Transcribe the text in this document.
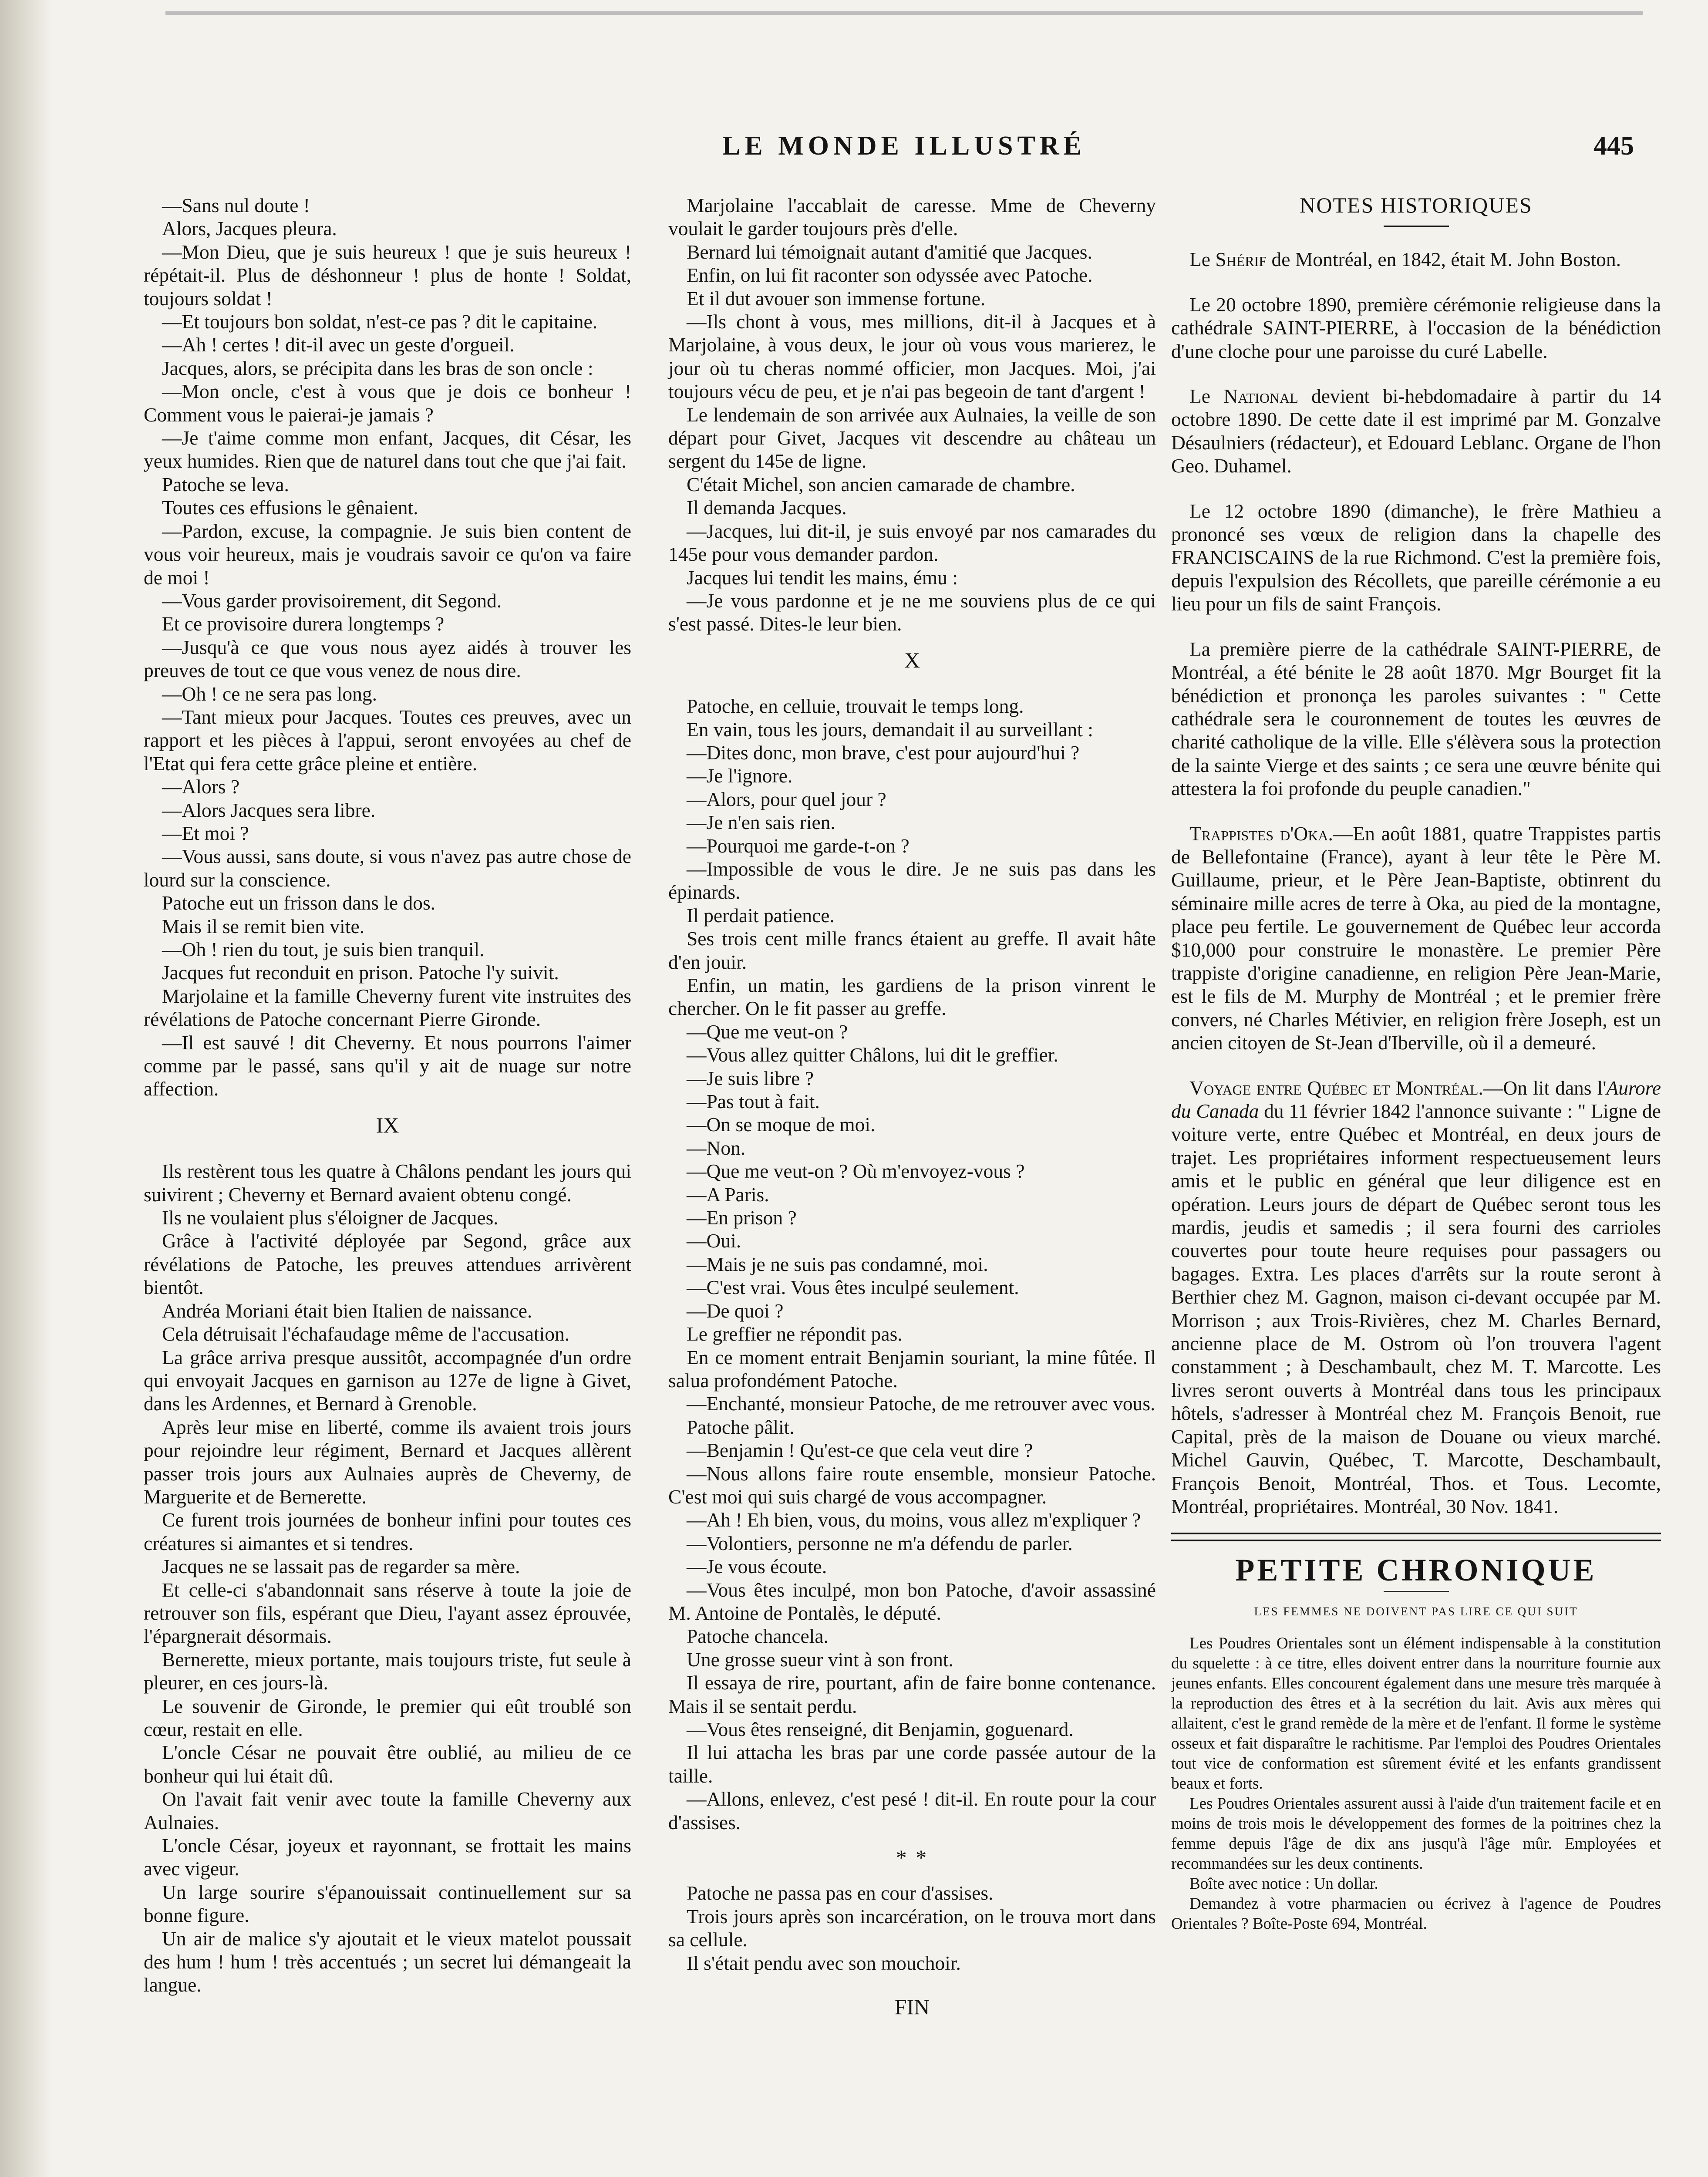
LE MONDE ILLUSTRÉ	445

—Sans nul doute !

Alors, Jacques pleura.

—Mon Dieu, que je suis heureux ! que je suis heureux ! répétait-il. Plus de déshonneur ! plus de honte ! Soldat, toujours soldat !

—Et toujours bon soldat, n'est-ce pas ? dit le capitaine.

—Ah ! certes ! dit-il avec un geste d'orgueil.

Jacques, alors, se précipita dans les bras de son oncle :

—Mon oncle, c'est à vous que je dois ce bonheur ! Comment vous le paierai-je jamais ?

—Je t'aime comme mon enfant, Jacques, dit César, les yeux humides. Rien que de naturel dans tout che que j'ai fait.

Patoche se leva.

Toutes ces effusions le gênaient.

—Pardon, excuse, la compagnie. Je suis bien content de vous voir heureux, mais je voudrais savoir ce qu'on va faire de moi !

—Vous garder provisoirement, dit Segond.

Et ce provisoire durera longtemps ?

—Jusqu'à ce que vous nous ayez aidés à trouver les preuves de tout ce que vous venez de nous dire.

—Oh ! ce ne sera pas long.

—Tant mieux pour Jacques. Toutes ces preuves, avec un rapport et les pièces à l'appui, seront envoyées au chef de l'Etat qui fera cette grâce pleine et entière.

—Alors ?

—Alors Jacques sera libre.

—Et moi ?

—Vous aussi, sans doute, si vous n'avez pas autre chose de lourd sur la conscience.

Patoche eut un frisson dans le dos.

Mais il se remit bien vite.

—Oh ! rien du tout, je suis bien tranquil.

Jacques fut reconduit en prison. Patoche l'y suivit.

Marjolaine et la famille Cheverny furent vite instruites des révélations de Patoche concernant Pierre Gironde.

—Il est sauvé ! dit Cheverny. Et nous pourrons l'aimer comme par le passé, sans qu'il y ait de nuage sur notre affection.

IX

Ils restèrent tous les quatre à Châlons pendant les jours qui suivirent ; Cheverny et Bernard avaient obtenu congé.

Ils ne voulaient plus s'éloigner de Jacques.

Grâce à l'activité déployée par Segond, grâce aux révélations de Patoche, les preuves attendues arrivèrent bientôt.

Andréa Moriani était bien Italien de naissance.

Cela détruisait l'échafaudage même de l'accusation.

La grâce arriva presque aussitôt, accompagnée d'un ordre qui envoyait Jacques en garnison au 127e de ligne à Givet, dans les Ardennes, et Bernard à Grenoble.

Après leur mise en liberté, comme ils avaient trois jours pour rejoindre leur régiment, Bernard et Jacques allèrent passer trois jours aux Aulnaies auprès de Cheverny, de Marguerite et de Bernerette.

Ce furent trois journées de bonheur infini pour toutes ces créatures si aimantes et si tendres.

Jacques ne se lassait pas de regarder sa mère.

Et celle-ci s'abandonnait sans réserve à toute la joie de retrouver son fils, espérant que Dieu, l'ayant assez éprouvée, l'épargnerait désormais.

Bernerette, mieux portante, mais toujours triste, fut seule à pleurer, en ces jours-là.

Le souvenir de Gironde, le premier qui eût troublé son cœur, restait en elle.

L'oncle César ne pouvait être oublié, au milieu de ce bonheur qui lui était dû.

On l'avait fait venir avec toute la famille Cheverny aux Aulnaies.

L'oncle César, joyeux et rayonnant, se frottait les mains avec vigeur.

Un large sourire s'épanouissait continuellement sur sa bonne figure.

Un air de malice s'y ajoutait et le vieux matelot poussait des hum ! hum ! très accentués ; un secret lui démangeait la langue.

Marjolaine l'accablait de caresse. Mme de Cheverny voulait le garder toujours près d'elle.

Bernard lui témoignait autant d'amitié que Jacques.

Enfin, on lui fit raconter son odyssée avec Patoche.

Et il dut avouer son immense fortune.

—Ils chont à vous, mes millions, dit-il à Jacques et à Marjolaine, à vous deux, le jour où vous vous marierez, le jour où tu cheras nommé officier, mon Jacques. Moi, j'ai toujours vécu de peu, et je n'ai pas begeoin de tant d'argent !

Le lendemain de son arrivée aux Aulnaies, la veille de son départ pour Givet, Jacques vit descendre au château un sergent du 145e de ligne.

C'était Michel, son ancien camarade de chambre.

Il demanda Jacques.

—Jacques, lui dit-il, je suis envoyé par nos camarades du 145e pour vous demander pardon.

Jacques lui tendit les mains, ému :

—Je vous pardonne et je ne me souviens plus de ce qui s'est passé. Dites-le leur bien.

X

Patoche, en celluie, trouvait le temps long.

En vain, tous les jours, demandait il au surveillant :

—Dites donc, mon brave, c'est pour aujourd'hui ?

—Je l'ignore.

—Alors, pour quel jour ?

—Je n'en sais rien.

—Pourquoi me garde-t-on ?

—Impossible de vous le dire. Je ne suis pas dans les épinards.

Il perdait patience.

Ses trois cent mille francs étaient au greffe. Il avait hâte d'en jouir.

Enfin, un matin, les gardiens de la prison vinrent le chercher. On le fit passer au greffe.

—Que me veut-on ?

—Vous allez quitter Châlons, lui dit le greffier.

—Je suis libre ?

—Pas tout à fait.

—On se moque de moi.

—Non.

—Que me veut-on ? Où m'envoyez-vous ?

—A Paris.

—En prison ?

—Oui.

—Mais je ne suis pas condamné, moi.

—C'est vrai. Vous êtes inculpé seulement.

—De quoi ?

Le greffier ne répondit pas.

En ce moment entrait Benjamin souriant, la mine fûtée. Il salua profondément Patoche.

—Enchanté, monsieur Patoche, de me retrouver avec vous.

Patoche pâlit.

—Benjamin ! Qu'est-ce que cela veut dire ?

—Nous allons faire route ensemble, monsieur Patoche. C'est moi qui suis chargé de vous accompagner.

—Ah ! Eh bien, vous, du moins, vous allez m'expliquer ?

—Volontiers, personne ne m'a défendu de parler.

—Je vous écoute.

—Vous êtes inculpé, mon bon Patoche, d'avoir assassiné M. Antoine de Pontalès, le député.

Patoche chancela.

Une grosse sueur vint à son front.

Il essaya de rire, pourtant, afin de faire bonne contenance. Mais il se sentait perdu.

—Vous êtes renseigné, dit Benjamin, goguenard.

Il lui attacha les bras par une corde passée autour de la taille.

—Allons, enlevez, c'est pesé ! dit-il. En route pour la cour d'assises.

* *

Patoche ne passa pas en cour d'assises.

Trois jours après son incarcération, on le trouva mort dans sa cellule.

Il s'était pendu avec son mouchoir.

FIN
NOTES HISTORIQUES

Le Shérif de Montréal, en 1842, était M. John Boston.

Le 20 octobre 1890, première cérémonie religieuse dans la cathédrale SAINT-PIERRE, à l'occasion de la bénédiction d'une cloche pour une paroisse du curé Labelle.

Le National devient bi-hebdomadaire à partir du 14 octobre 1890. De cette date il est imprimé par M. Gonzalve Désaulniers (rédacteur), et Edouard Leblanc. Organe de l'hon Geo. Duhamel.

Le 12 octobre 1890 (dimanche), le frère Mathieu a prononcé ses vœux de religion dans la chapelle des FRANCISCAINS de la rue Richmond. C'est la première fois, depuis l'expulsion des Récollets, que pareille cérémonie a eu lieu pour un fils de saint François.

La première pierre de la cathédrale SAINT-PIERRE, de Montréal, a été bénite le 28 août 1870. Mgr Bourget fit la bénédiction et prononça les paroles suivantes : " Cette cathédrale sera le couronnement de toutes les œuvres de charité catholique de la ville. Elle s'élèvera sous la protection de la sainte Vierge et des saints ; ce sera une œuvre bénite qui attestera la foi profonde du peuple canadien."

Trappistes d'Oka.—En août 1881, quatre Trappistes partis de Bellefontaine (France), ayant à leur tête le Père M. Guillaume, prieur, et le Père Jean-Baptiste, obtinrent du séminaire mille acres de terre à Oka, au pied de la montagne, place peu fertile. Le gouvernement de Québec leur accorda $10,000 pour construire le monastère. Le premier Père trappiste d'origine canadienne, en religion Père Jean-Marie, est le fils de M. Murphy de Montréal ; et le premier frère convers, né Charles Métivier, en religion frère Joseph, est un ancien citoyen de St-Jean d'Iberville, où il a demeuré.

Voyage entre Québec et Montréal.—On lit dans l'Aurore du Canada du 11 février 1842 l'annonce suivante : " Ligne de voiture verte, entre Québec et Montréal, en deux jours de trajet. Les propriétaires informent respectueusement leurs amis et le public en général que leur diligence est en opération. Leurs jours de départ de Québec seront tous les mardis, jeudis et samedis ; il sera fourni des carrioles couvertes pour toute heure requises pour passagers ou bagages. Extra. Les places d'arrêts sur la route seront à Berthier chez M. Gagnon, maison ci-devant occupée par M. Morrison ; aux Trois-Rivières, chez M. Charles Bernard, ancienne place de M. Ostrom où l'on trouvera l'agent constamment ; à Deschambault, chez M. T. Marcotte. Les livres seront ouverts à Montréal dans tous les principaux hôtels, s'adresser à Montréal chez M. François Benoit, rue Capital, près de la maison de Douane ou vieux marché. Michel Gauvin, Québec, T. Marcotte, Deschambault, François Benoit, Montréal, Thos. et Tous. Lecomte, Montréal, propriétaires. Montréal, 30 Nov. 1841.

PETITE CHRONIQUE
LES FEMMES NE DOIVENT PAS LIRE CE QUI SUIT

Les Poudres Orientales sont un élément indispensable à la constitution du squelette : à ce titre, elles doivent entrer dans la nourriture fournie aux jeunes enfants. Elles concourent également dans une mesure très marquée à la reproduction des êtres et à la secrétion du lait. Avis aux mères qui allaitent, c'est le grand remède de la mère et de l'enfant. Il forme le système osseux et fait disparaître le rachitisme. Par l'emploi des Poudres Orientales tout vice de conformation est sûrement évité et les enfants grandissent beaux et forts.

Les Poudres Orientales assurent aussi à l'aide d'un traitement facile et en moins de trois mois le développement des formes de la poitrines chez la femme depuis l'âge de dix ans jusqu'à l'âge mûr. Employées et recommandées sur les deux continents.

Boîte avec notice : Un dollar.

Demandez à votre pharmacien ou écrivez à l'agence de Poudres Orientales ? Boîte-Poste 694, Montréal.
